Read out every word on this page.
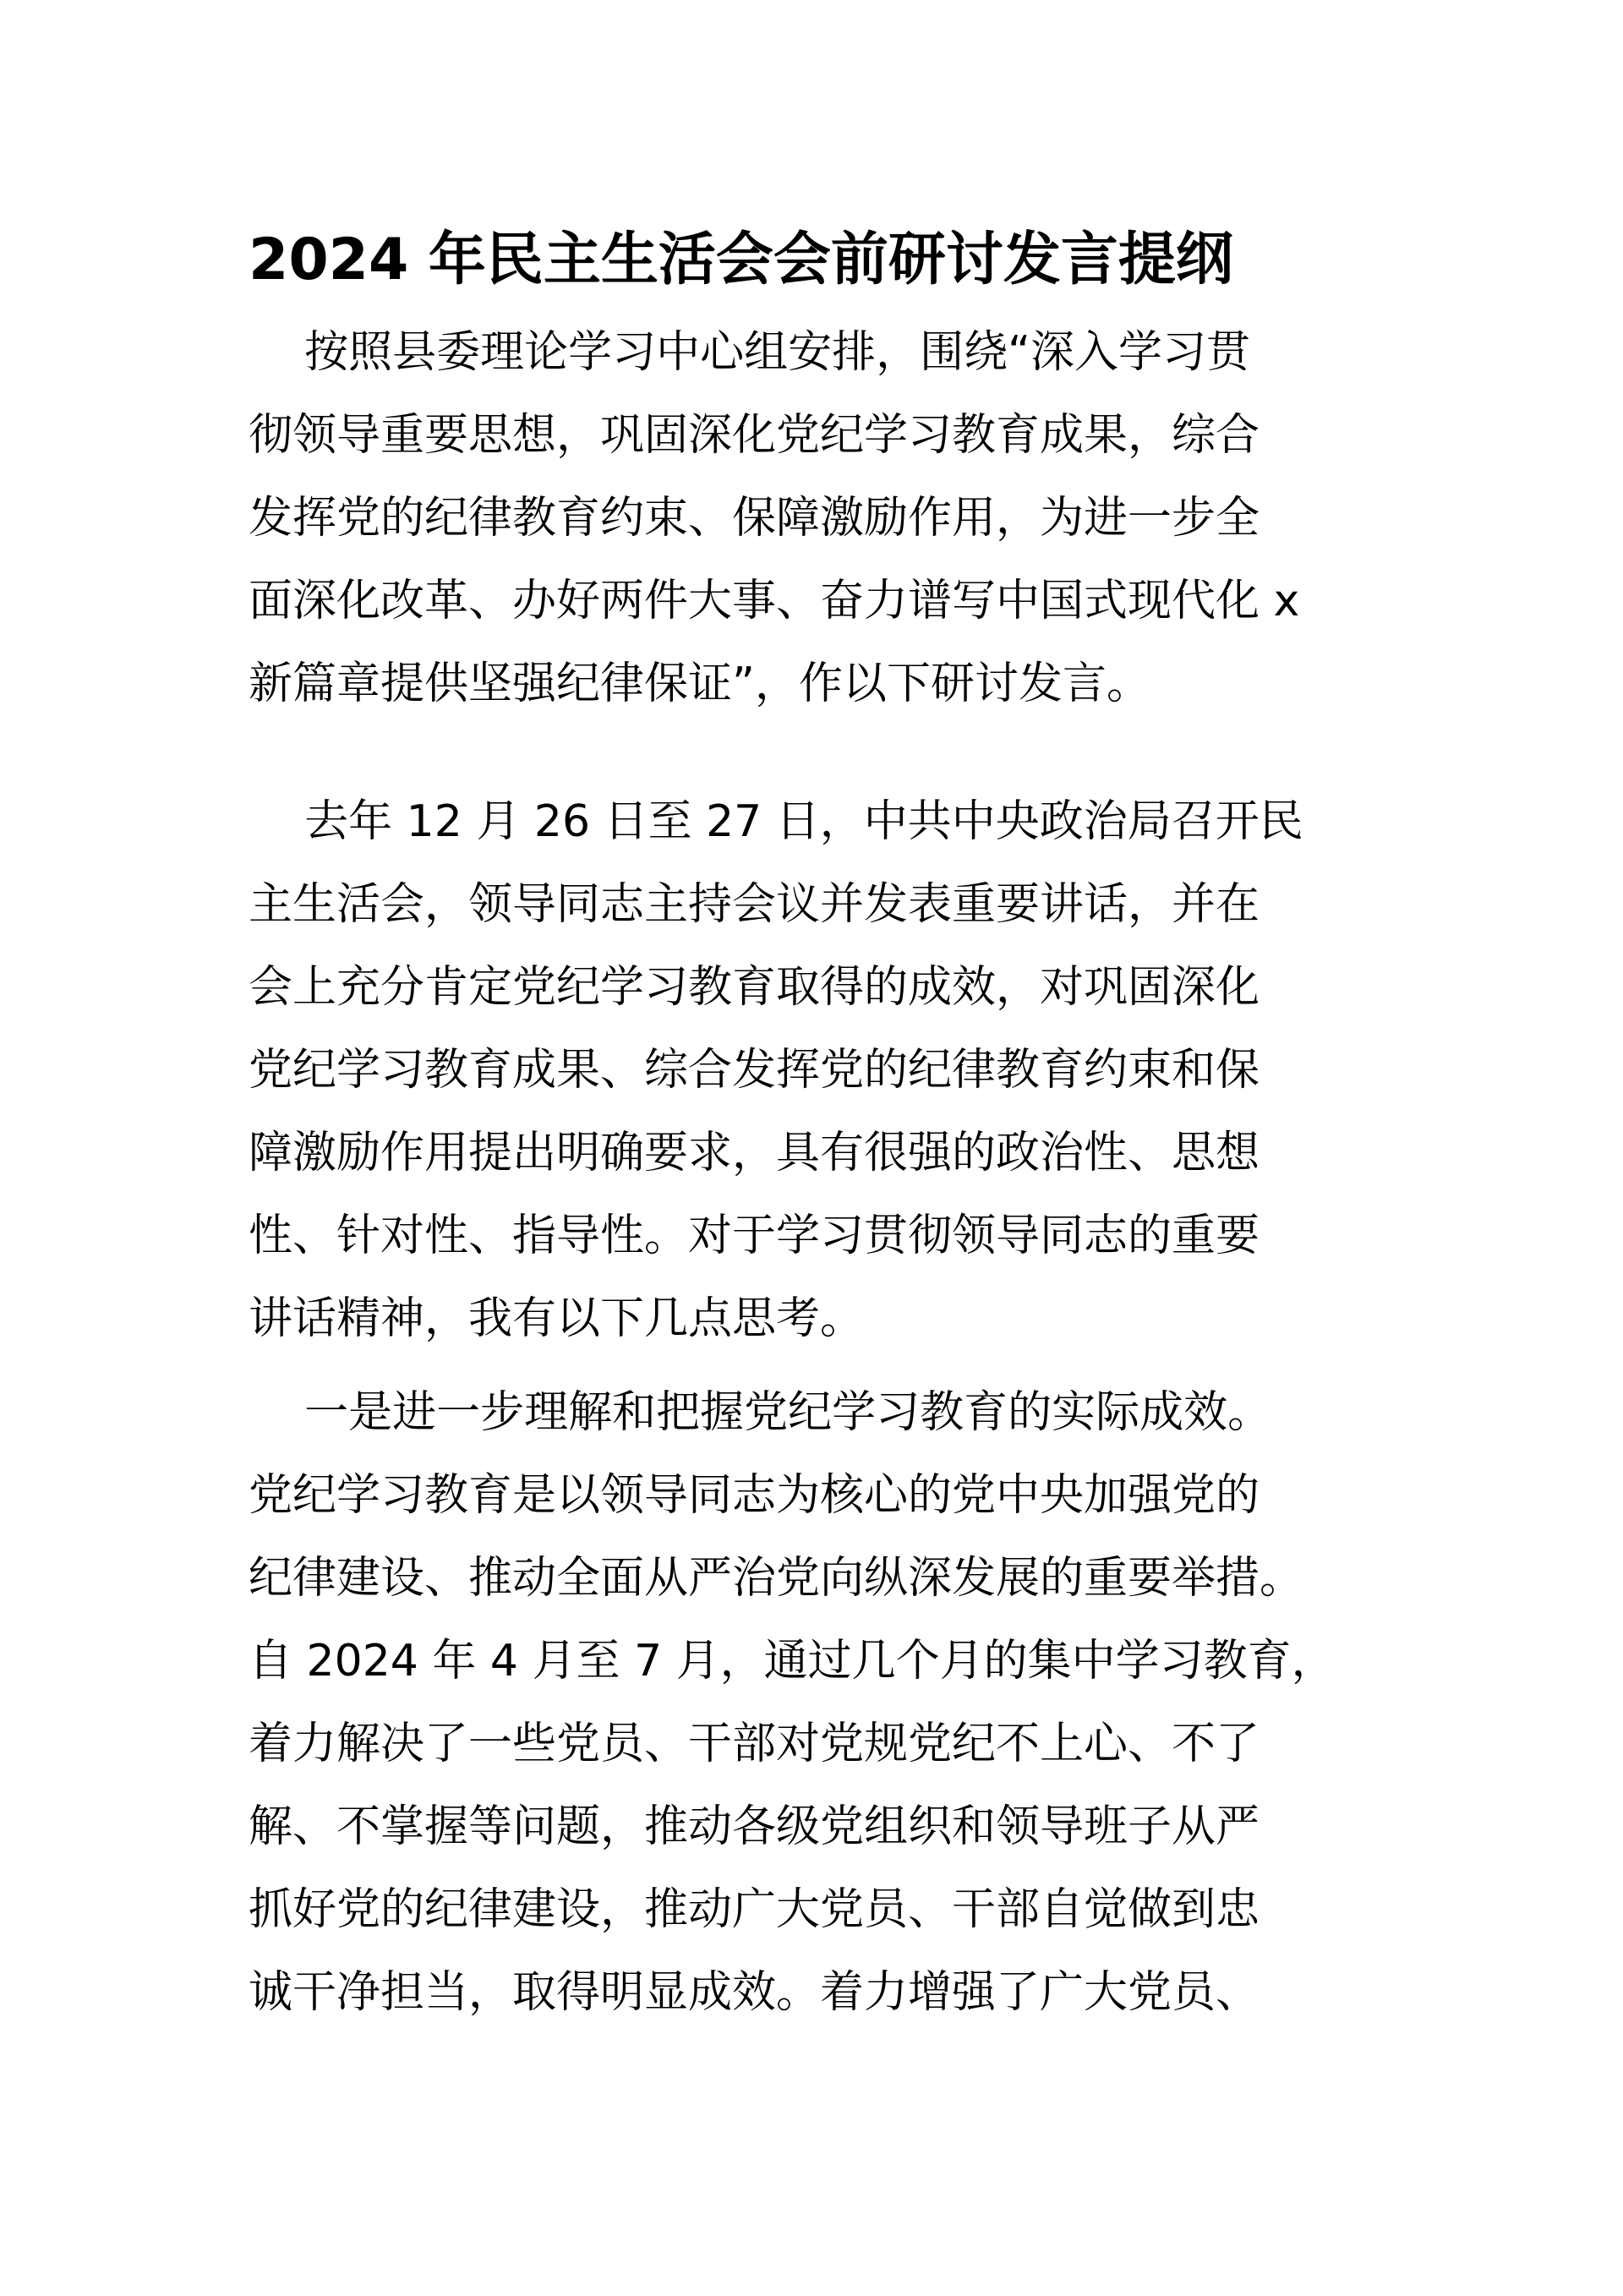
2024 年民主生活会会前研讨发言提纲
按照县委理论学习中心组安排，围绕“深入学习贯
彻领导重要思想，巩固深化党纪学习教育成果，综合
发挥党的纪律教育约束、保障激励作用，为进一步全
面深化改革、办好两件大事、奋力谱写中国式现代化 x
新篇章提供坚强纪律保证”，作以下研讨发言。
去年 12 月 26 日至 27 日，中共中央政治局召开民
主生活会，领导同志主持会议并发表重要讲话，并在
会上充分肯定党纪学习教育取得的成效，对巩固深化
党纪学习教育成果、综合发挥党的纪律教育约束和保
障激励作用提出明确要求，具有很强的政治性、思想
性、针对性、指导性。对于学习贯彻领导同志的重要
讲话精神，我有以下几点思考。
一是进一步理解和把握党纪学习教育的实际成效。
党纪学习教育是以领导同志为核心的党中央加强党的
纪律建设、推动全面从严治党向纵深发展的重要举措。
自 2024 年 4 月至 7 月，通过几个月的集中学习教育，
着力解决了一些党员、干部对党规党纪不上心、不了
解、不掌握等问题，推动各级党组织和领导班子从严
抓好党的纪律建设，推动广大党员、干部自觉做到忠
诚干净担当，取得明显成效。着力增强了广大党员、
